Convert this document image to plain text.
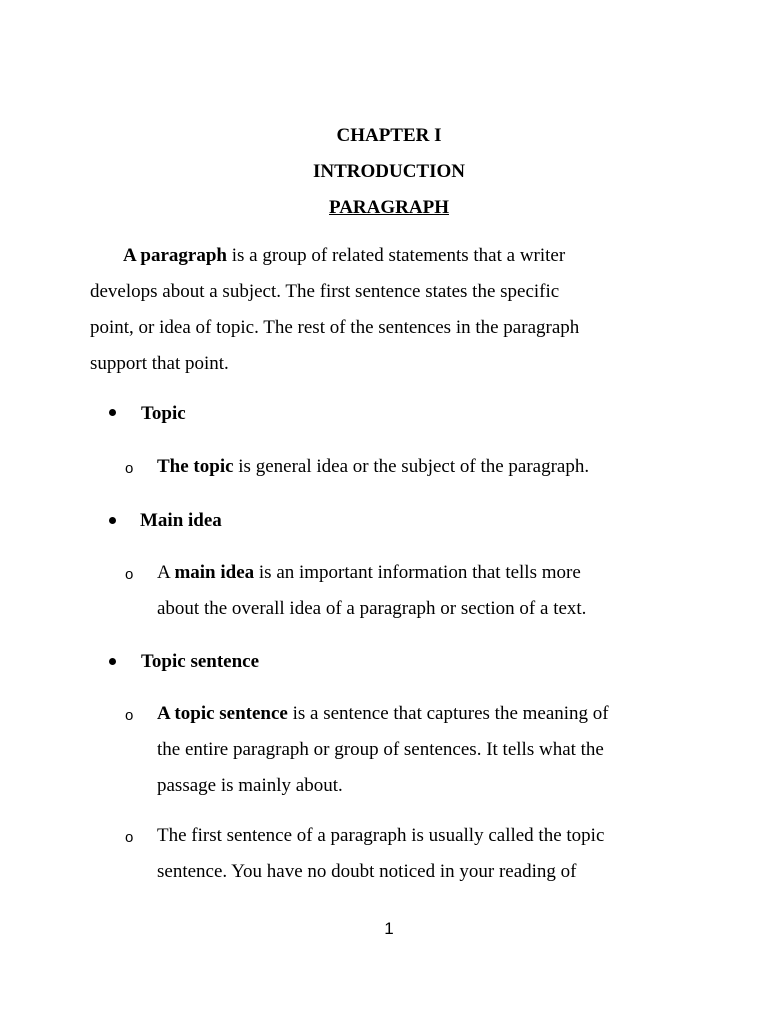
CHAPTER I
INTRODUCTION
PARAGRAPH
A paragraph is a group of related statements that a writer
develops about a subject. The first sentence states the specific
point, or idea of topic. The rest of the sentences in the paragraph
support that point.
Topic
o The topic is general idea or the subject of the paragraph.
Main idea
o A main idea is an important information that tells more
about the overall idea of a paragraph or section of a text.
Topic sentence
o A topic sentence is a sentence that captures the meaning of
the entire paragraph or group of sentences. It tells what the
passage is mainly about.
o The first sentence of a paragraph is usually called the topic
sentence. You have no doubt noticed in your reading of
1
